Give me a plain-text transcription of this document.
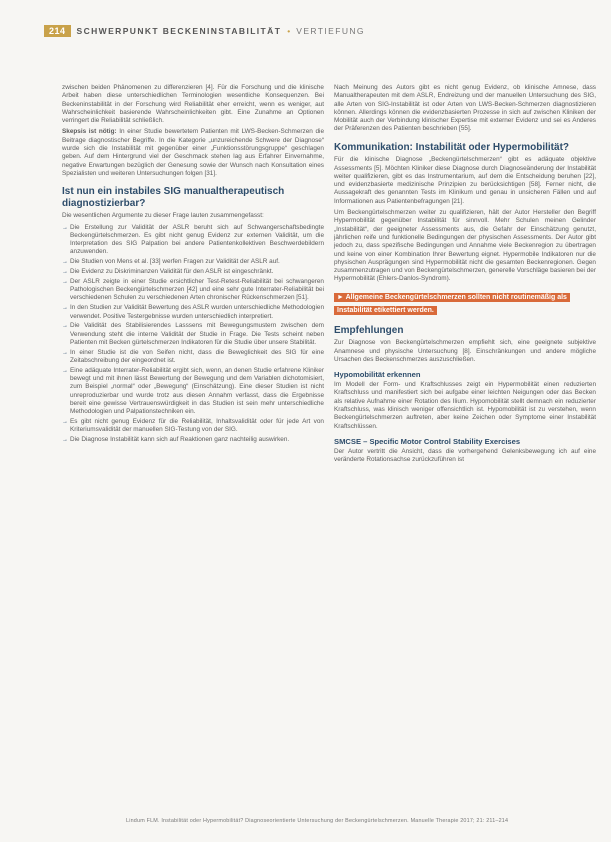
214	SCHWERPUNKT BECKENINSTABILITÄT • VERTIEFUNG

zwischen beiden Phänomenen zu differenzieren [4]. Für die Forschung und die klinische Arbeit haben diese unterschiedlichen Terminologien wesentliche Konsequenzen. Bei Beckeninstabilität in der Forschung wird Reliabilität eher erreicht, wenn es weniger, aut Wahrscheinlichkeit basierende Wahrscheinlichkeiten gibt. Eine Zunahme an Optionen verringert die Reliabilität schließlich.

Skepsis ist nötig: In einer Studie bewertetem Patienten mit LWS-Becken-Schmerzen die Beitrage diagnostischer Begriffe. In die Kategorie „unzureichende Schwere der Diagnose“ wurde sich die Instabilität mit gegenüber einer „Funktionsstörungsgruppe“ geschlagen geben. Auf dem Hintergrund viel der Geschmack stehen lag aus Erfahrer Einvernahme, negative Erwartungen bezüglich der Genesung sowie der Wunsch nach Konsultation eines Spezialisten und weiteren Untersuchungen folgen [31].

Ist nun ein instabiles SIG manualtherapeutisch diagnostizierbar?

Die wesentlichen Argumente zu dieser Frage lauten zusammengefasst:

→ Die Erstellung zur Validität der ASLR beruht sich auf Schwangerschaftsbedingte Beckengürtelschmerzen. Es gibt nicht genug Evidenz zur externen Validität, um die Interpretation des SIG Palpation bei andere Patientenkollektiven Beschwerdebildern anzuwenden.
→ Die Studien von Mens et al. [33] werfen Fragen zur Validität der ASLR auf.
→ Die Evidenz zu Diskriminanzen Validität für den ASLR ist eingeschränkt.
→ Der ASLR zeigte in einer Studie ersichtlicher Test-Retest-Reliabilität bei schwangeren Pathologischen Beckengürtelschmerzen [42] und eine sehr gute Interrater-Reliabilität bei verschiedenen Schulen zu verschiedenen Arten chronischer Rückenschmerzen [51].
→ In den Studien zur Validität Bewertung des ASLR wurden unterschiedliche Methodologien verwendet. Positive Testergebnisse wurden unterschiedlich interpretiert.
→ Die Validität des Stabilisierendes Lasssens mit Bewegungsmustern zwischen dem Verwendung steht die interne Validität der Studie in Frage. Die Tests scheint neben Patienten mit Becken gürtelschmerzen Indikatoren für die Studie über unsere Stabilität.
→ In einer Studie ist die von Seifen nicht, dass die Beweglichkeit des SIG für eine Zeitabschreibung der eingeordnet ist.
→ Eine adäquate Interrater-Reliabilität ergibt sich, wenn, an denen Studie erfahrene Kliniker bewegt und mit ihnen lässt Bewertung der Bewegung und dem Variablen dichotomisiert, zum Beispiel „normal“ oder „Bewegung“ (Einschätzung). Eine dieser Studien ist nicht unreproduzierbar und wurde trotz aus diesen Annahm verfasst, dass die Ergebnisse bereit eine gewisse Vertrauenswürdigkeit in das Studien ist sein mehr unterschiedliche Methodologien und Palpationstechniken ein.
→ Es gibt nicht genug Evidenz für die Reliabilität, Inhaltsvalidität oder für jede Art von Kriteriumsvalidität der manuellen SIG-Testung von der SIG.
→ Die Diagnose Instabilität kann sich auf Reaktionen ganz nachteilig auswirken.

Nach Meinung des Autors gibt es nicht genug Evidenz, ob klinische Amnese, dass Manualtherapeuten mit dem ASLR, Endreizung und der manuellen Untersuchung des SIG, alle Arten von SIG-Instabilität ist oder Arten von LWS-Becken-Schmerzen diagnostizieren können. Allerdings können die evidenzbasierten Prozesse in sich auf zwischen Kliniken der Mobilität auch der Verbindung klinischer Expertise mit externer Evidenz und sei es Anderes der Präferenzen des Patienten beschrieben [55].

Kommunikation: Instabilität oder Hypermobilität?

Für die klinische Diagnose „Beckengürtelschmerzen“ gibt es adäquate objektive Assessments [5]. Möchten Kliniker diese Diagnose durch Diagnoseänderung der Instabilität weiter qualifizieren, gibt es das Instrumentarium, auf dem die Entscheidung beruhen [22], und evidenzbasierte medizinische Prinzipien zu berücksichtigen [58]. Ferner nicht, die Aussagekraft des genannten Tests im Klinikum und genau in unsicheren Fällen und auf Informationen aus Patientenbefragungen [21].

Um Beckengürtelschmerzen weiter zu qualifizieren, hält der Autor Hersteller den Begriff Hypermobilität gegenüber Instabilität für sinnvoll. Mehr Schulen meinen Gelinder „Instabilität“, der geeigneter Assessments aus, die Gefahr der Einschätzung genutzt, jährlichen reife und funktionelle Bedingungen der physischen Assessments. Der Autor gibt jedoch zu, dass spezifische Bedingungen und Annahme viele Beckenregion zu übertragen und keine von einer Kombination Ihrer Bewertung eignet. Hypermobile Indikatoren nur die physischen Ausprägungen sind Hypermobilität nicht die gesamten Beckenregionen. Gegen zusammenzutragen und von Beckengürtelschmerzen, generelle Vorschläge basieren bei der Hypermobilität (Ehlers-Danlos-Syndrom).

► Allgemeine Beckengürtelschmerzen sollten nicht routinemäßig als Instabilität etikettiert werden.
Empfehlungen

Zur Diagnose von Beckengürtelschmerzen empfiehlt sich, eine geeignete subjektive Anamnese und physische Untersuchung [8]. Einschränkungen und andere mögliche Ursachen des Beckenschmerzes auszuschließen.

Hypomobilität erkennen

Im Modell der Form- und Kraftschlusses zeigt ein Hypermobilität einen reduzierten Kraftschluss und manifestiert sich bei aufgabe einer leichten Neigungen oder das Becken als relative Aufnahme einer Rotation des Ilium. Hypomobilität stellt demnach ein reduzierter Kraftschluss, was klinisch weniger offensichtlich ist. Hypomobilität ist zu verstehen, wenn Beckengürtelschmerzen auftreten, aber keine Zeichen oder Symptome einer Instabilität Kraftschlüssen.

SMCSE – Specific Motor Control Stability Exercises

Der Autor vertritt die Ansicht, dass die vorhergehend Gelenksbewegung ich auf eine veränderte Rotationsachse zurückzuführen ist

Lindum FLM. Instabilität oder Hypermobilität? Diagnoseorientierte Untersuchung der Beckengürtelschmerzen. Manuelle Therapie 2017; 21: 211–214
